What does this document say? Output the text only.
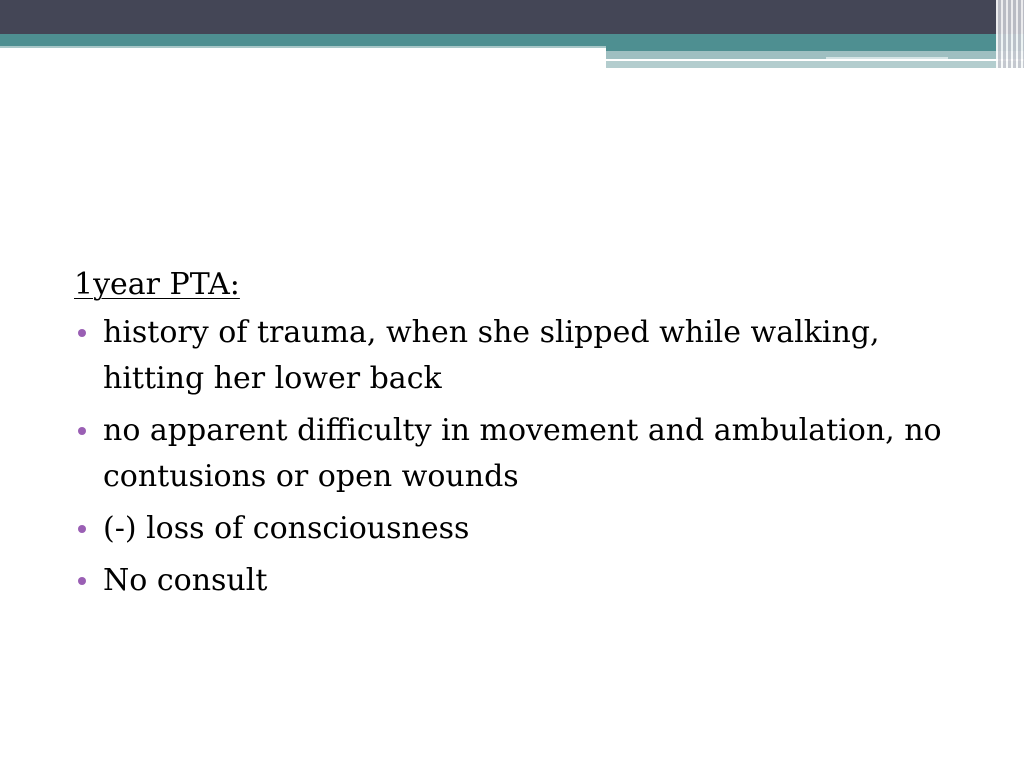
1year PTA:
history of trauma, when she slipped while walking, hitting her lower back
no apparent difficulty in movement and ambulation, no contusions or open wounds
(-) loss of consciousness
No consult
